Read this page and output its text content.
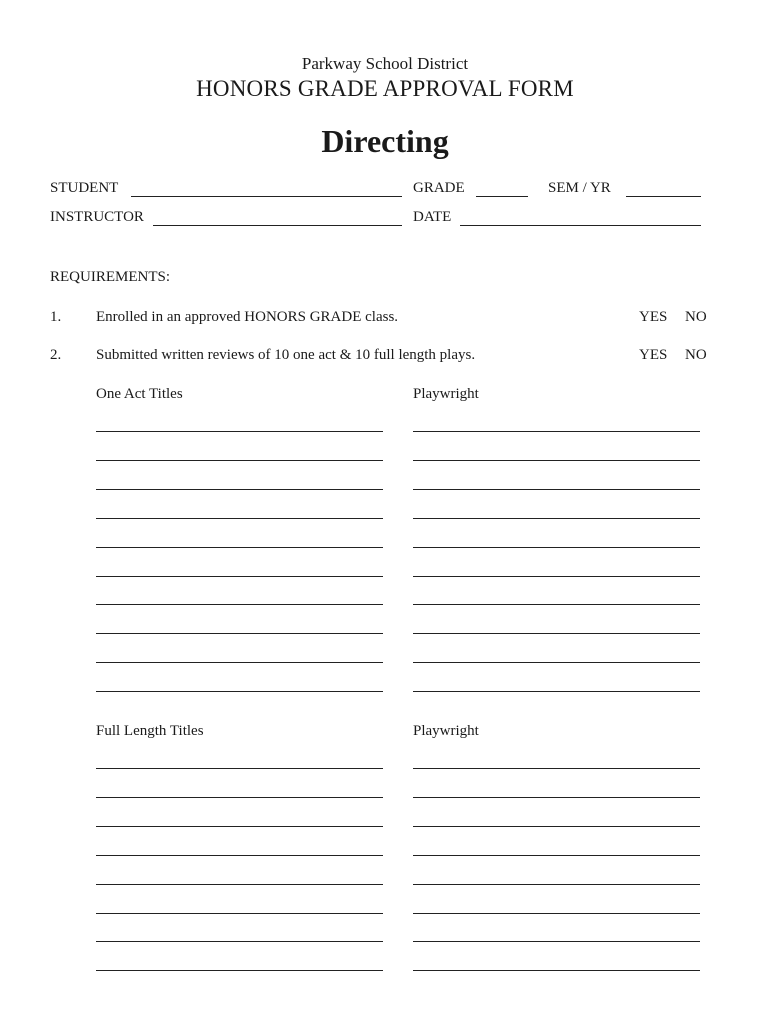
Parkway School District
HONORS GRADE APPROVAL FORM
Directing
STUDENT	GRADE	SEM / YR
INSTRUCTOR	DATE
REQUIREMENTS:
1. Enrolled in an approved HONORS GRADE class.	YES NO
2. Submitted written reviews of 10 one act & 10 full length plays.	YES NO
One Act Titles	Playwright
Full Length Titles	Playwright
